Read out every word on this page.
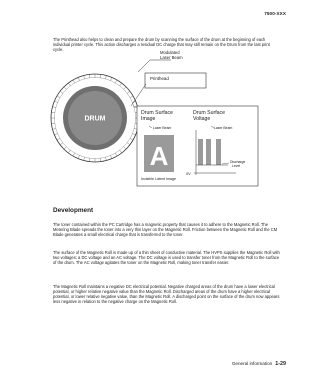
7500-XXX

The Printhead also helps to clean and prepare the drum by scanning the surface of the drum at the beginning of each individual printer cycle. This action discharges a residual DC charge that may still remain on the Drum from the last print cycle.

DRUM
Printhead
Modulated Laser Beam
Drum Surface Image
Laser Beam
A
Invisible Latent Image
Drum Surface Voltage
Laser Beam
0V
Discharge Level
Development

The toner contained within the PC Cartridge has a magnetic property that causes it to adhere to the Magnetic Roll. The Metering Blade spreads the toner into a very thin layer on the Magnetic Roll. Friction between the Magnetic Roll and the CM Blade generates a small electrical charge that is transferred to the toner.

The surface of the Magnetic Roll is made up of a thin sheet of conductive material. The HVPS supplies the Magnetic Roll with two voltages; a DC voltage and an AC voltage. The DC voltage is used to transfer toner from the Magnetic Roll to the surface of the drum. The AC voltage agitates the toner on the Magnetic Roll, making toner transfer easier.

The Magnetic Roll maintains a negative DC electrical potential. Negative charged areas of the drum have a lower electrical potential, or higher relative negative value than the Magnetic Roll. Discharged areas of the drum have a higher electrical potential, or lower relative negative value, than the Magnetic Roll. A discharged point on the surface of the drum now appears less negative in relation to the negative charge on the Magnetic Roll.

General information 1-29
